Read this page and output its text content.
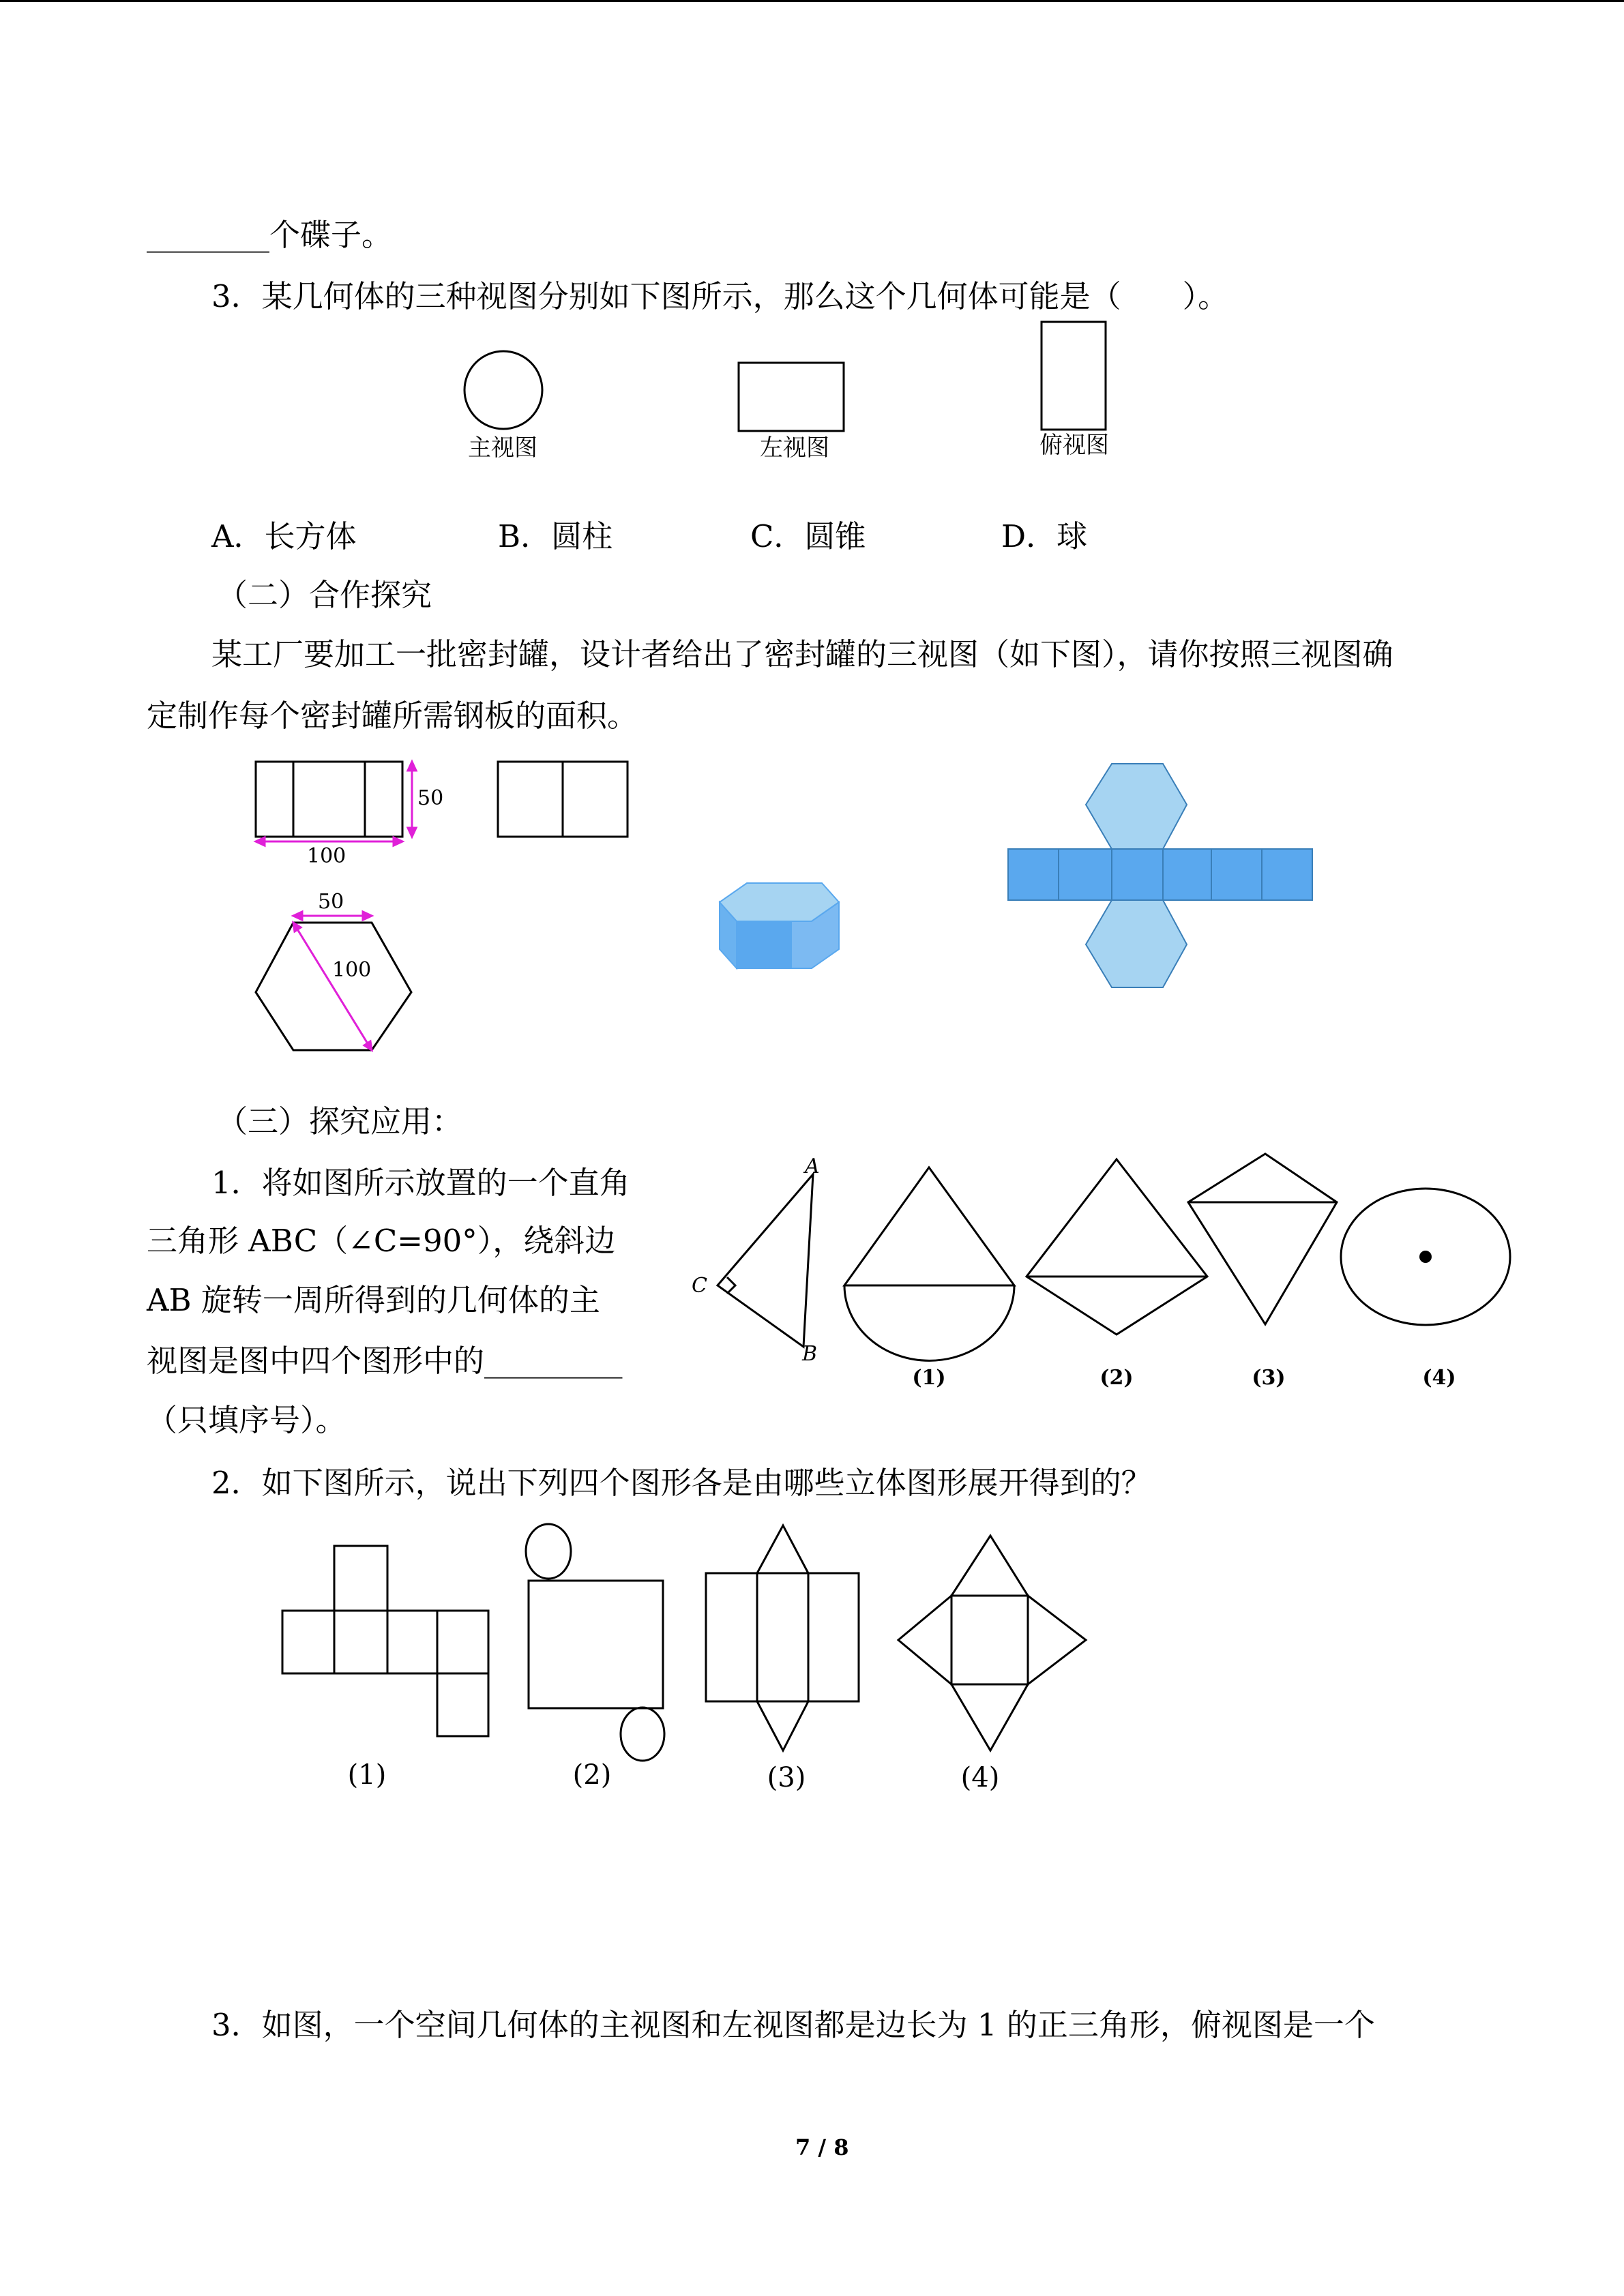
________个碟子。
3．某几何体的三种视图分别如下图所示，那么这个几何体可能是（　　）。
主视图	左视图	俯视图
A．长方体	B．圆柱	C．圆锥	D．球
（二）合作探究
某工厂要加工一批密封罐，设计者给出了密封罐的三视图（如下图），请你按照三视图确
定制作每个密封罐所需钢板的面积。
50
100
50
100
（三）探究应用：
1．将如图所示放置的一个直角
三角形 ABC（∠C=90°），绕斜边
AB 旋转一周所得到的几何体的主
视图是图中四个图形中的_________
（只填序号）。
A
C
B
(1)	(2)	(3)	(4)
2．如下图所示，说出下列四个图形各是由哪些立体图形展开得到的？
(1)	(2)	(3)	(4)
3．如图，一个空间几何体的主视图和左视图都是边长为 1 的正三角形，俯视图是一个
7 / 8
